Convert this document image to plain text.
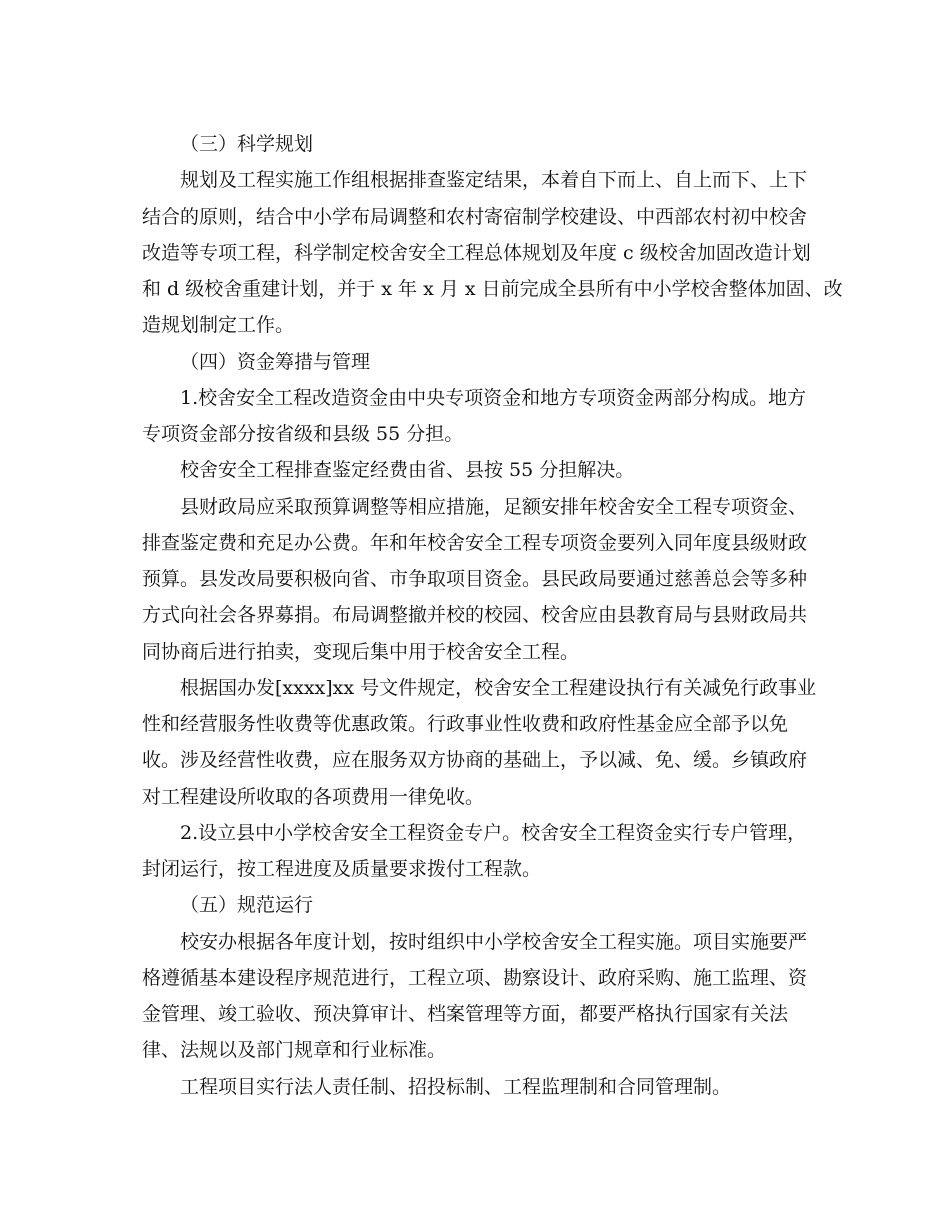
（三）科学规划

规划及工程实施工作组根据排查鉴定结果，本着自下而上、自上而下、上下

结合的原则，结合中小学布局调整和农村寄宿制学校建设、中西部农村初中校舍

改造等专项工程，科学制定校舍安全工程总体规划及年度 c 级校舍加固改造计划

和 d 级校舍重建计划，并于 x 年 x 月 x 日前完成全县所有中小学校舍整体加固、改

造规划制定工作。

（四）资金筹措与管理

1.校舍安全工程改造资金由中央专项资金和地方专项资金两部分构成。地方

专项资金部分按省级和县级 55 分担。

校舍安全工程排查鉴定经费由省、县按 55 分担解决。

县财政局应采取预算调整等相应措施，足额安排年校舍安全工程专项资金、

排查鉴定费和充足办公费。年和年校舍安全工程专项资金要列入同年度县级财政

预算。县发改局要积极向省、市争取项目资金。县民政局要通过慈善总会等多种

方式向社会各界募捐。布局调整撤并校的校园、校舍应由县教育局与县财政局共

同协商后进行拍卖，变现后集中用于校舍安全工程。

根据国办发[xxxx]xx 号文件规定，校舍安全工程建设执行有关减免行政事业

性和经营服务性收费等优惠政策。行政事业性收费和政府性基金应全部予以免

收。涉及经营性收费，应在服务双方协商的基础上，予以减、免、缓。乡镇政府

对工程建设所收取的各项费用一律免收。

2.设立县中小学校舍安全工程资金专户。校舍安全工程资金实行专户管理，

封闭运行，按工程进度及质量要求拨付工程款。

（五）规范运行

校安办根据各年度计划，按时组织中小学校舍安全工程实施。项目实施要严

格遵循基本建设程序规范进行，工程立项、勘察设计、政府采购、施工监理、资

金管理、竣工验收、预决算审计、档案管理等方面，都要严格执行国家有关法

律、法规以及部门规章和行业标准。

工程项目实行法人责任制、招投标制、工程监理制和合同管理制。
